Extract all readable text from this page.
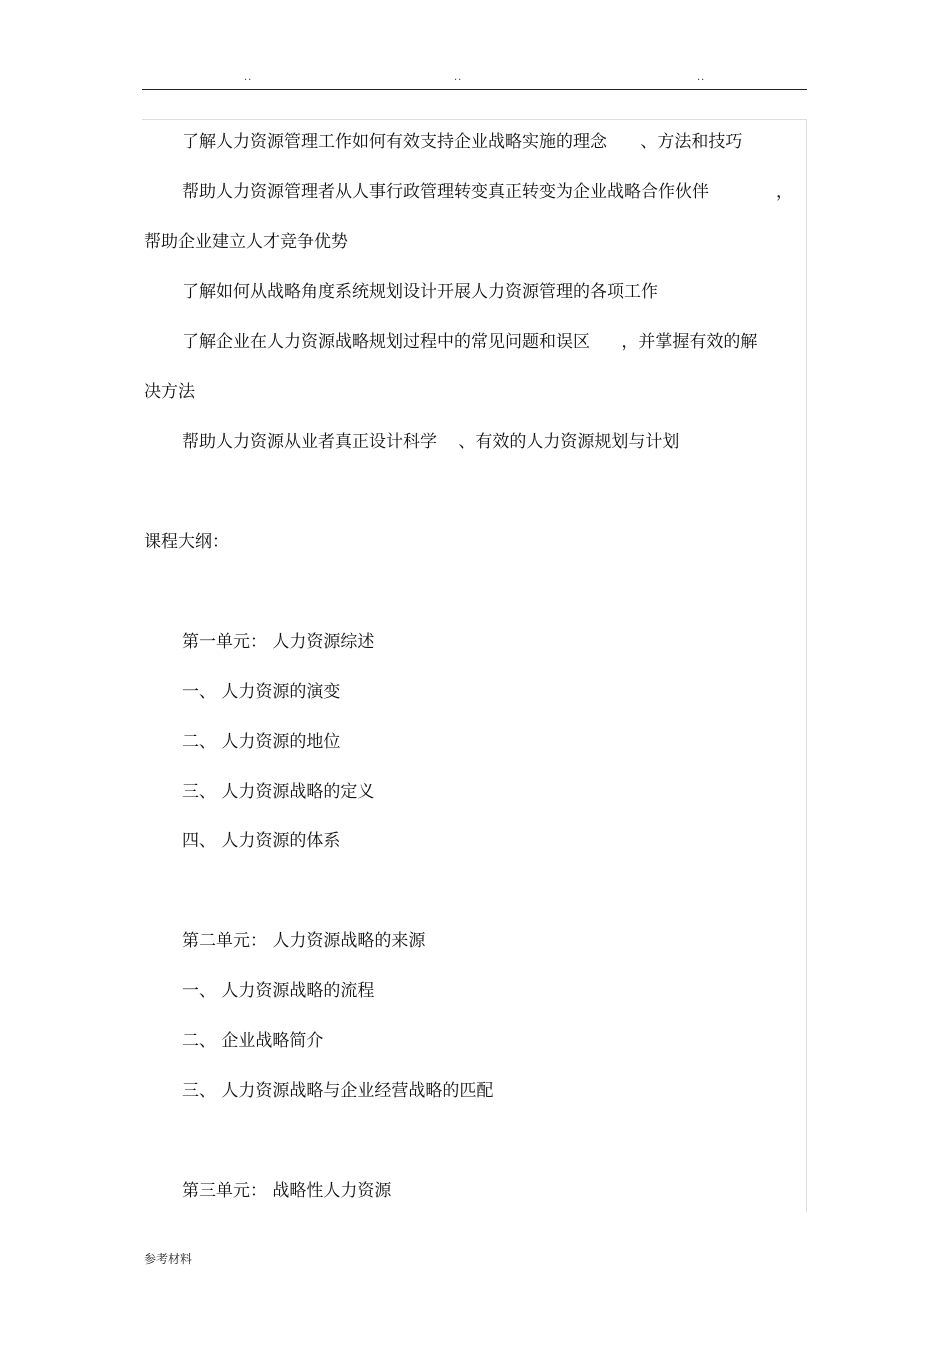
..	..	..
了解人力资源管理工作如何有效支持企业战略实施的理念 、方法和技巧
帮助人力资源管理者从人事行政管理转变真正转变为企业战略合作伙伴	，
帮助企业建立人才竞争优势
了解如何从战略角度系统规划设计开展人力资源管理的各项工作
了解企业在人力资源战略规划过程中的常见问题和误区 ，并掌握有效的解
决方法
帮助人力资源从业者真正设计科学 、有效的人力资源规划与计划
课程大纲：
第一单元： 人力资源综述
一、 人力资源的演变
二、 人力资源的地位
三、 人力资源战略的定义
四、 人力资源的体系
第二单元： 人力资源战略的来源
一、 人力资源战略的流程
二、 企业战略简介
三、 人力资源战略与企业经营战略的匹配
第三单元： 战略性人力资源
参考材料
